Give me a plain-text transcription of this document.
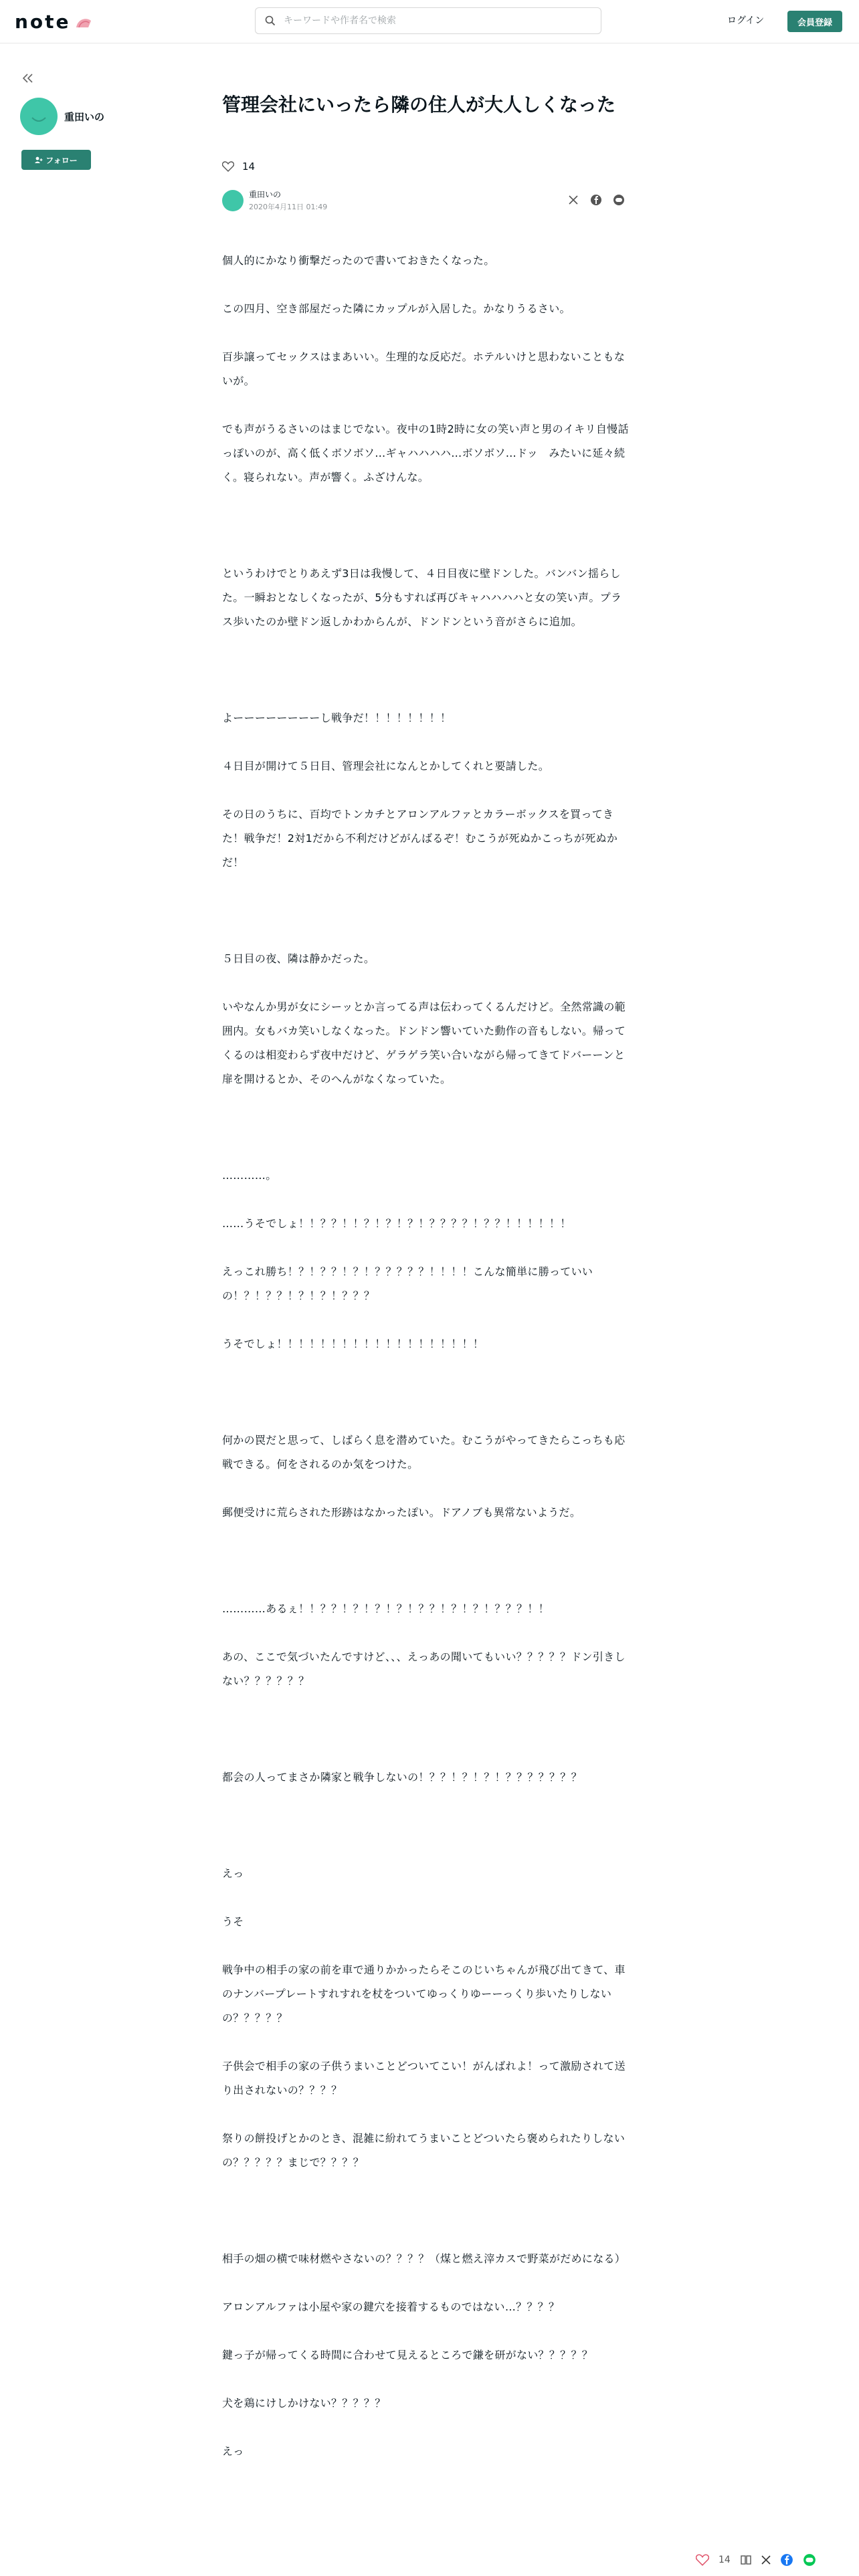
note
キーワードや作者名で検索	ログイン	会員登録
重田いの
フォロー
管理会社にいったら隣の住人が大人しくなった
14
重田いの
2020年4月11日 01:49

個人的にかなり衝撃だったので書いておきたくなった。

この四月、空き部屋だった隣にカップルが入居した。かなりうるさい。

百歩譲ってセックスはまあいい。生理的な反応だ。ホテルいけと思わないこともないが。

でも声がうるさいのはまじでない。夜中の1時2時に女の笑い声と男のイキリ自慢話っぽいのが、高く低くボソボソ…ギャハハハハ…ボソボソ…ドッ　みたいに延々続く。寝られない。声が響く。ふざけんな。

というわけでとりあえず3日は我慢して、４日目夜に壁ドンした。バンバン揺らした。一瞬おとなしくなったが、5分もすれば再びキャハハハハと女の笑い声。プラス歩いたのか壁ドン返しかわからんが、ドンドンという音がさらに追加。

よーーーーーーーーし戦争だ！！！！！！！！

４日目が開けて５日目、管理会社になんとかしてくれと要請した。

その日のうちに、百均でトンカチとアロンアルファとカラーボックスを買ってきた！戦争だ！2対1だから不利だけどがんばるぞ！むこうが死ぬかこっちが死ぬかだ！

５日目の夜、隣は静かだった。

いやなんか男が女にシーッとか言ってる声は伝わってくるんだけど。全然常識の範囲内。女もバカ笑いしなくなった。ドンドン響いていた動作の音もしない。帰ってくるのは相変わらず夜中だけど、ゲラゲラ笑い合いながら帰ってきてドバーーンと扉を開けるとか、そのへんがなくなっていた。

…………。

……うそでしょ！！？？！！？！？！？！？？？？！？？！！！！！！

えっこれ勝ち！？！？？！？！？？？？？！！！！こんな簡単に勝っていいの！？！？？！？！？！？？？

うそでしょ！！！！！！！！！！！！！！！！！！！

何かの罠だと思って、しばらく息を潜めていた。むこうがやってきたらこっちも応戦できる。何をされるのか気をつけた。

郵便受けに荒らされた形跡はなかったぽい。ドアノブも異常ないようだ。

…………あるぇ！！？？！？！？！？！？？！？！？！？？？！！

あの、ここで気づいたんですけど、、、えっあの聞いてもいい？？？？？ドン引きしない？？？？？？

都会の人ってまさか隣家と戦争しないの！？？！？！？！？？？？？？？

えっ

うそ

戦争中の相手の家の前を車で通りかかったらそこのじいちゃんが飛び出てきて、車のナンバープレートすれすれを杖をついてゆっくりゆーーっくり歩いたりしないの？？？？？

子供会で相手の家の子供うまいことどついてこい！がんばれよ！って激励されて送り出されないの？？？？

祭りの餅投げとかのとき、混雑に紛れてうまいことどついたら褒められたりしないの？？？？？まじで？？？？

相手の畑の横で味材燃やさないの？？？？（煤と燃え滓カスで野菜がだめになる）

アロンアルファは小屋や家の鍵穴を接着するものではない…？？？？

鍵っ子が帰ってくる時間に合わせて見えるところで鎌を研がない？？？？？

犬を鶏にけしかけない？？？？？

えっ

14
